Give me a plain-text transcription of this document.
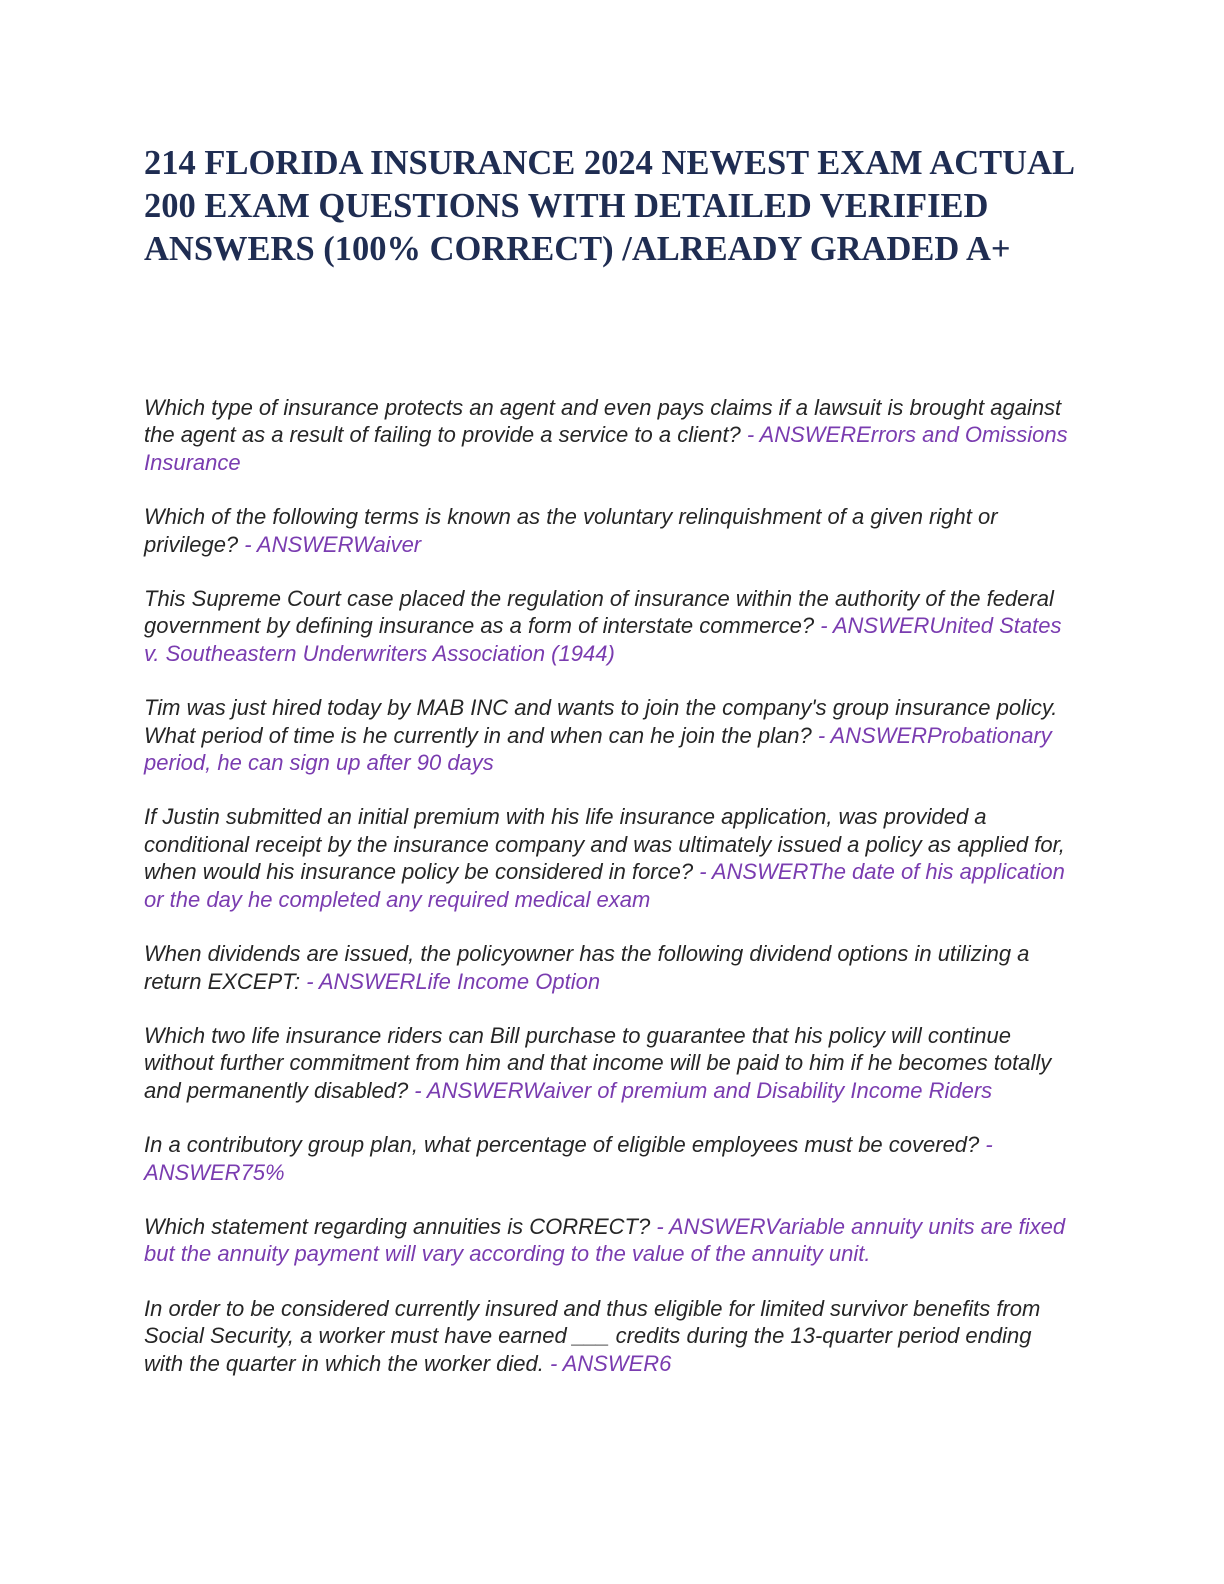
214 FLORIDA INSURANCE 2024 NEWEST EXAM ACTUAL 200 EXAM QUESTIONS WITH DETAILED VERIFIED ANSWERS (100% CORRECT) /ALREADY GRADED A+
Which type of insurance protects an agent and even pays claims if a lawsuit is brought against the agent as a result of failing to provide a service to a client? - ANSWERErrors and Omissions Insurance
Which of the following terms is known as the voluntary relinquishment of a given right or privilege? - ANSWERWaiver
This Supreme Court case placed the regulation of insurance within the authority of the federal government by defining insurance as a form of interstate commerce? - ANSWERUnited States v. Southeastern Underwriters Association (1944)
Tim was just hired today by MAB INC and wants to join the company's group insurance policy. What period of time is he currently in and when can he join the plan? - ANSWERProbationary period, he can sign up after 90 days
If Justin submitted an initial premium with his life insurance application, was provided a conditional receipt by the insurance company and was ultimately issued a policy as applied for, when would his insurance policy be considered in force? - ANSWERThe date of his application or the day he completed any required medical exam
When dividends are issued, the policyowner has the following dividend options in utilizing a return EXCEPT: - ANSWERLife Income Option
Which two life insurance riders can Bill purchase to guarantee that his policy will continue without further commitment from him and that income will be paid to him if he becomes totally and permanently disabled? - ANSWERWaiver of premium and Disability Income Riders
In a contributory group plan, what percentage of eligible employees must be covered? - ANSWER75%
Which statement regarding annuities is CORRECT? - ANSWERVariable annuity units are fixed but the annuity payment will vary according to the value of the annuity unit.
In order to be considered currently insured and thus eligible for limited survivor benefits from Social Security, a worker must have earned ___ credits during the 13-quarter period ending with the quarter in which the worker died. - ANSWER6
